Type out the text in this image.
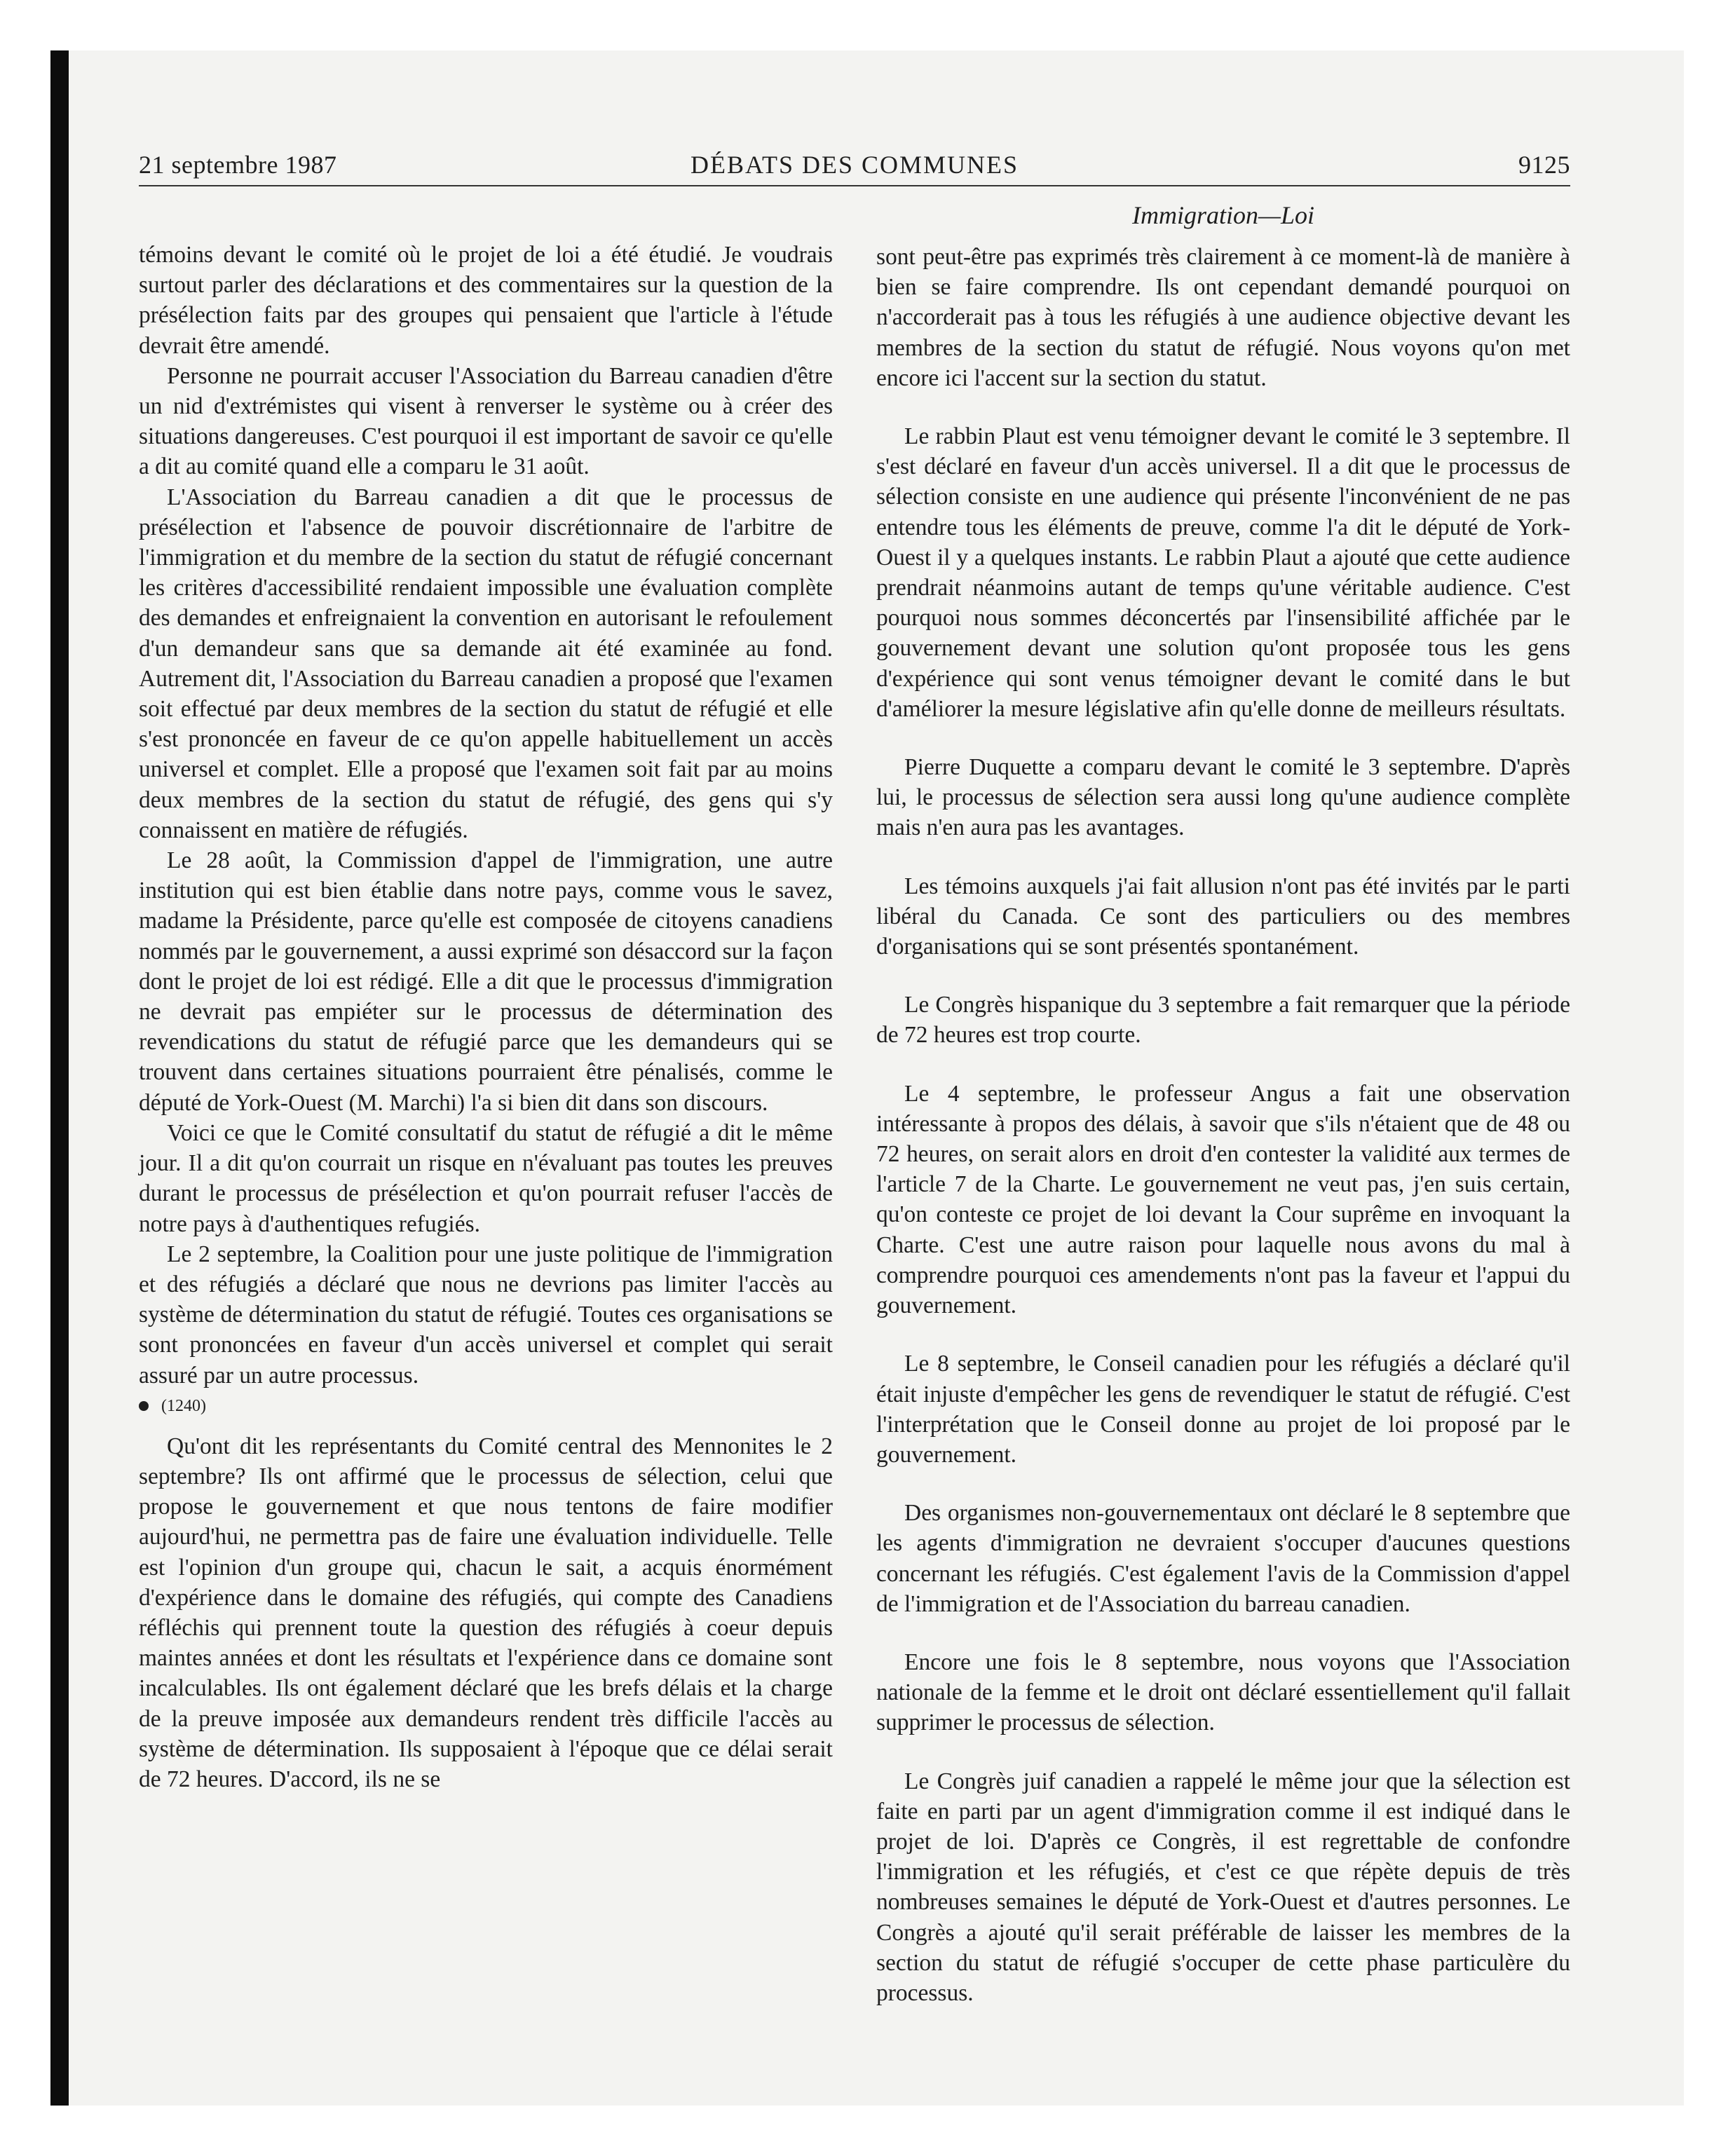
21 septembre 1987	DÉBATS DES COMMUNES	9125
Immigration—Loi

témoins devant le comité où le projet de loi a été étudié. Je voudrais surtout parler des déclarations et des commentaires sur la question de la présélection faits par des groupes qui pensaient que l'article à l'étude devrait être amendé.

Personne ne pourrait accuser l'Association du Barreau canadien d'être un nid d'extrémistes qui visent à renverser le système ou à créer des situations dangereuses. C'est pourquoi il est important de savoir ce qu'elle a dit au comité quand elle a comparu le 31 août.

L'Association du Barreau canadien a dit que le processus de présélection et l'absence de pouvoir discrétionnaire de l'arbitre de l'immigration et du membre de la section du statut de réfugié concernant les critères d'accessibilité rendaient impossible une évaluation complète des demandes et enfreignaient la convention en autorisant le refoulement d'un demandeur sans que sa demande ait été examinée au fond. Autrement dit, l'Association du Barreau canadien a proposé que l'examen soit effectué par deux membres de la section du statut de réfugié et elle s'est prononcée en faveur de ce qu'on appelle habituellement un accès universel et complet. Elle a proposé que l'examen soit fait par au moins deux membres de la section du statut de réfugié, des gens qui s'y connaissent en matière de réfugiés.

Le 28 août, la Commission d'appel de l'immigration, une autre institution qui est bien établie dans notre pays, comme vous le savez, madame la Présidente, parce qu'elle est composée de citoyens canadiens nommés par le gouvernement, a aussi exprimé son désaccord sur la façon dont le projet de loi est rédigé. Elle a dit que le processus d'immigration ne devrait pas empiéter sur le processus de détermination des revendications du statut de réfugié parce que les demandeurs qui se trouvent dans certaines situations pourraient être pénalisés, comme le député de York-Ouest (M. Marchi) l'a si bien dit dans son discours.

Voici ce que le Comité consultatif du statut de réfugié a dit le même jour. Il a dit qu'on courrait un risque en n'évaluant pas toutes les preuves durant le processus de présélection et qu'on pourrait refuser l'accès de notre pays à d'authentiques refugiés.

Le 2 septembre, la Coalition pour une juste politique de l'immigration et des réfugiés a déclaré que nous ne devrions pas limiter l'accès au système de détermination du statut de réfugié. Toutes ces organisations se sont prononcées en faveur d'un accès universel et complet qui serait assuré par un autre processus.

(1240)

Qu'ont dit les représentants du Comité central des Mennonites le 2 septembre? Ils ont affirmé que le processus de sélection, celui que propose le gouvernement et que nous tentons de faire modifier aujourd'hui, ne permettra pas de faire une évaluation individuelle. Telle est l'opinion d'un groupe qui, chacun le sait, a acquis énormément d'expérience dans le domaine des réfugiés, qui compte des Canadiens réfléchis qui prennent toute la question des réfugiés à coeur depuis maintes années et dont les résultats et l'expérience dans ce domaine sont incalculables. Ils ont également déclaré que les brefs délais et la charge de la preuve imposée aux demandeurs rendent très difficile l'accès au système de détermination. Ils supposaient à l'époque que ce délai serait de 72 heures. D'accord, ils ne se

sont peut-être pas exprimés très clairement à ce moment-là de manière à bien se faire comprendre. Ils ont cependant demandé pourquoi on n'accorderait pas à tous les réfugiés à une audience objective devant les membres de la section du statut de réfugié. Nous voyons qu'on met encore ici l'accent sur la section du statut.

Le rabbin Plaut est venu témoigner devant le comité le 3 septembre. Il s'est déclaré en faveur d'un accès universel. Il a dit que le processus de sélection consiste en une audience qui présente l'inconvénient de ne pas entendre tous les éléments de preuve, comme l'a dit le député de York-Ouest il y a quelques instants. Le rabbin Plaut a ajouté que cette audience prendrait néanmoins autant de temps qu'une véritable audience. C'est pourquoi nous sommes déconcertés par l'insensibilité affichée par le gouvernement devant une solution qu'ont proposée tous les gens d'expérience qui sont venus témoigner devant le comité dans le but d'améliorer la mesure législative afin qu'elle donne de meilleurs résultats.

Pierre Duquette a comparu devant le comité le 3 septembre. D'après lui, le processus de sélection sera aussi long qu'une audience complète mais n'en aura pas les avantages.

Les témoins auxquels j'ai fait allusion n'ont pas été invités par le parti libéral du Canada. Ce sont des particuliers ou des membres d'organisations qui se sont présentés spontanément.

Le Congrès hispanique du 3 septembre a fait remarquer que la période de 72 heures est trop courte.

Le 4 septembre, le professeur Angus a fait une observation intéressante à propos des délais, à savoir que s'ils n'étaient que de 48 ou 72 heures, on serait alors en droit d'en contester la validité aux termes de l'article 7 de la Charte. Le gouvernement ne veut pas, j'en suis certain, qu'on conteste ce projet de loi devant la Cour suprême en invoquant la Charte. C'est une autre raison pour laquelle nous avons du mal à comprendre pourquoi ces amendements n'ont pas la faveur et l'appui du gouvernement.

Le 8 septembre, le Conseil canadien pour les réfugiés a déclaré qu'il était injuste d'empêcher les gens de revendiquer le statut de réfugié. C'est l'interprétation que le Conseil donne au projet de loi proposé par le gouvernement.

Des organismes non-gouvernementaux ont déclaré le 8 septembre que les agents d'immigration ne devraient s'occuper d'aucunes questions concernant les réfugiés. C'est également l'avis de la Commission d'appel de l'immigration et de l'Association du barreau canadien.

Encore une fois le 8 septembre, nous voyons que l'Association nationale de la femme et le droit ont déclaré essentiellement qu'il fallait supprimer le processus de sélection.

Le Congrès juif canadien a rappelé le même jour que la sélection est faite en parti par un agent d'immigration comme il est indiqué dans le projet de loi. D'après ce Congrès, il est regrettable de confondre l'immigration et les réfugiés, et c'est ce que répète depuis de très nombreuses semaines le député de York-Ouest et d'autres personnes. Le Congrès a ajouté qu'il serait préférable de laisser les membres de la section du statut de réfugié s'occuper de cette phase particulère du processus.
